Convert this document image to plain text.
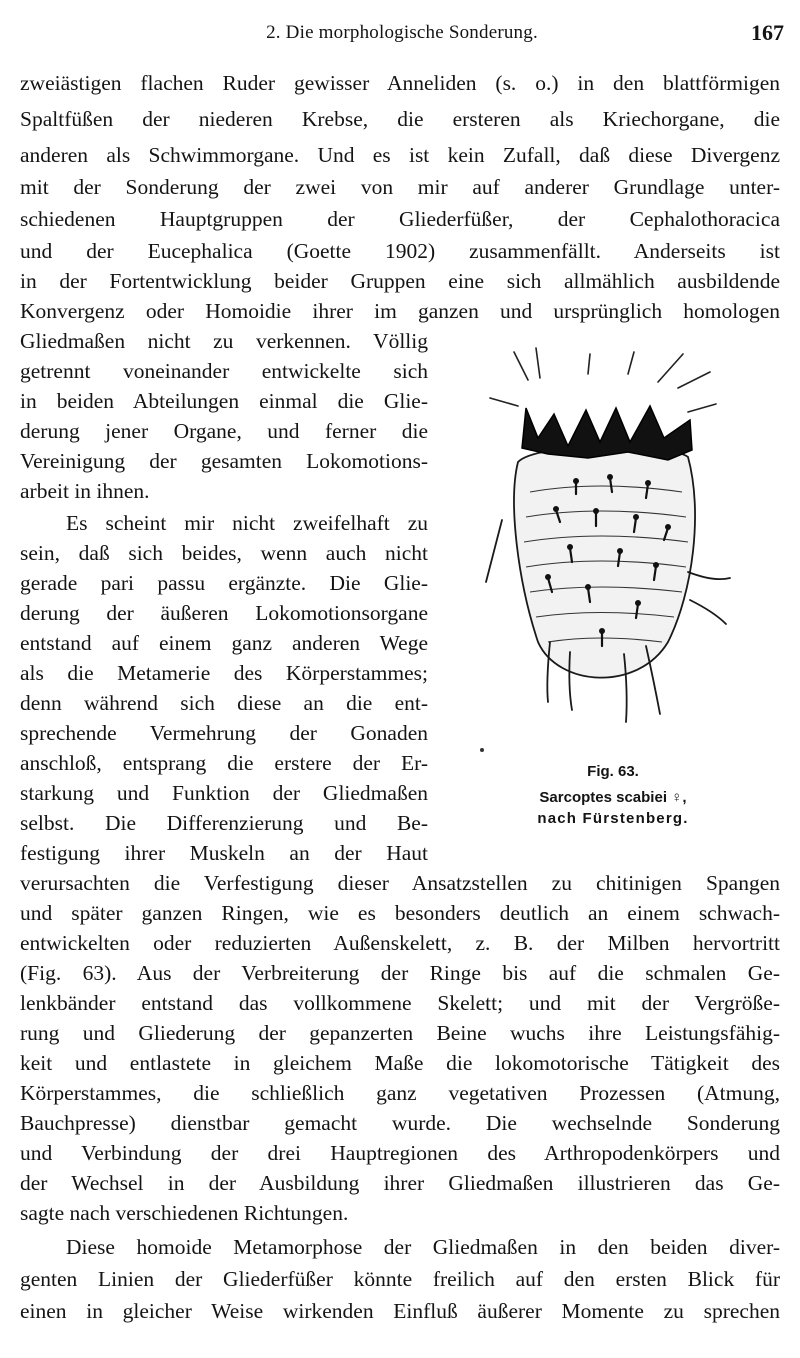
2. Die morphologische Sonderung.	167
zweiästigen flachen Ruder gewisser Anneliden (s. o.) in den blattförmigen
Spaltfüßen der niederen Krebse, die ersteren als Kriechorgane, die
anderen als Schwimmorgane. Und es ist kein Zufall, daß diese Divergenz
mit der Sonderung der zwei von mir auf anderer Grundlage unter-
schiedenen Hauptgruppen der Gliederfüßer, der Cephalothoracica
und der Eucephalica (Goette 1902) zusammenfällt. Anderseits ist
in der Fortentwicklung beider Gruppen eine sich allmählich ausbildende
Konvergenz oder Homoidie ihrer im ganzen und ursprünglich homologen
Gliedmaßen nicht zu verkennen. Völlig
getrennt voneinander entwickelte sich
in beiden Abteilungen einmal die Glie-
derung jener Organe, und ferner die
Vereinigung der gesamten Lokomotions-
arbeit in ihnen.
Es scheint mir nicht zweifelhaft zu
sein, daß sich beides, wenn auch nicht
gerade pari passu ergänzte. Die Glie-
derung der äußeren Lokomotionsorgane
entstand auf einem ganz anderen Wege
als die Metamerie des Körperstammes;
denn während sich diese an die ent-
sprechende Vermehrung der Gonaden
anschloß, entsprang die erstere der Er-
starkung und Funktion der Gliedmaßen
selbst. Die Differenzierung und Be-
festigung ihrer Muskeln an der Haut
verursachten die Verfestigung dieser Ansatzstellen zu chitinigen Spangen
und später ganzen Ringen, wie es besonders deutlich an einem schwach-
entwickelten oder reduzierten Außenskelett, z. B. der Milben hervortritt
(Fig. 63). Aus der Verbreiterung der Ringe bis auf die schmalen Ge-
lenkbänder entstand das vollkommene Skelett; und mit der Vergröße-
rung und Gliederung der gepanzerten Beine wuchs ihre Leistungsfähig-
keit und entlastete in gleichem Maße die lokomotorische Tätigkeit des
Körperstammes, die schließlich ganz vegetativen Prozessen (Atmung,
Bauchpresse) dienstbar gemacht wurde. Die wechselnde Sonderung
und Verbindung der drei Hauptregionen des Arthropodenkörpers und
der Wechsel in der Ausbildung ihrer Gliedmaßen illustrieren das Ge-
sagte nach verschiedenen Richtungen.
Diese homoide Metamorphose der Gliedmaßen in den beiden diver-
genten Linien der Gliederfüßer könnte freilich auf den ersten Blick für
einen in gleicher Weise wirkenden Einfluß äußerer Momente zu sprechen
Fig. 63.
Sarcoptes scabiei ♀,
nach Fürstenberg.
